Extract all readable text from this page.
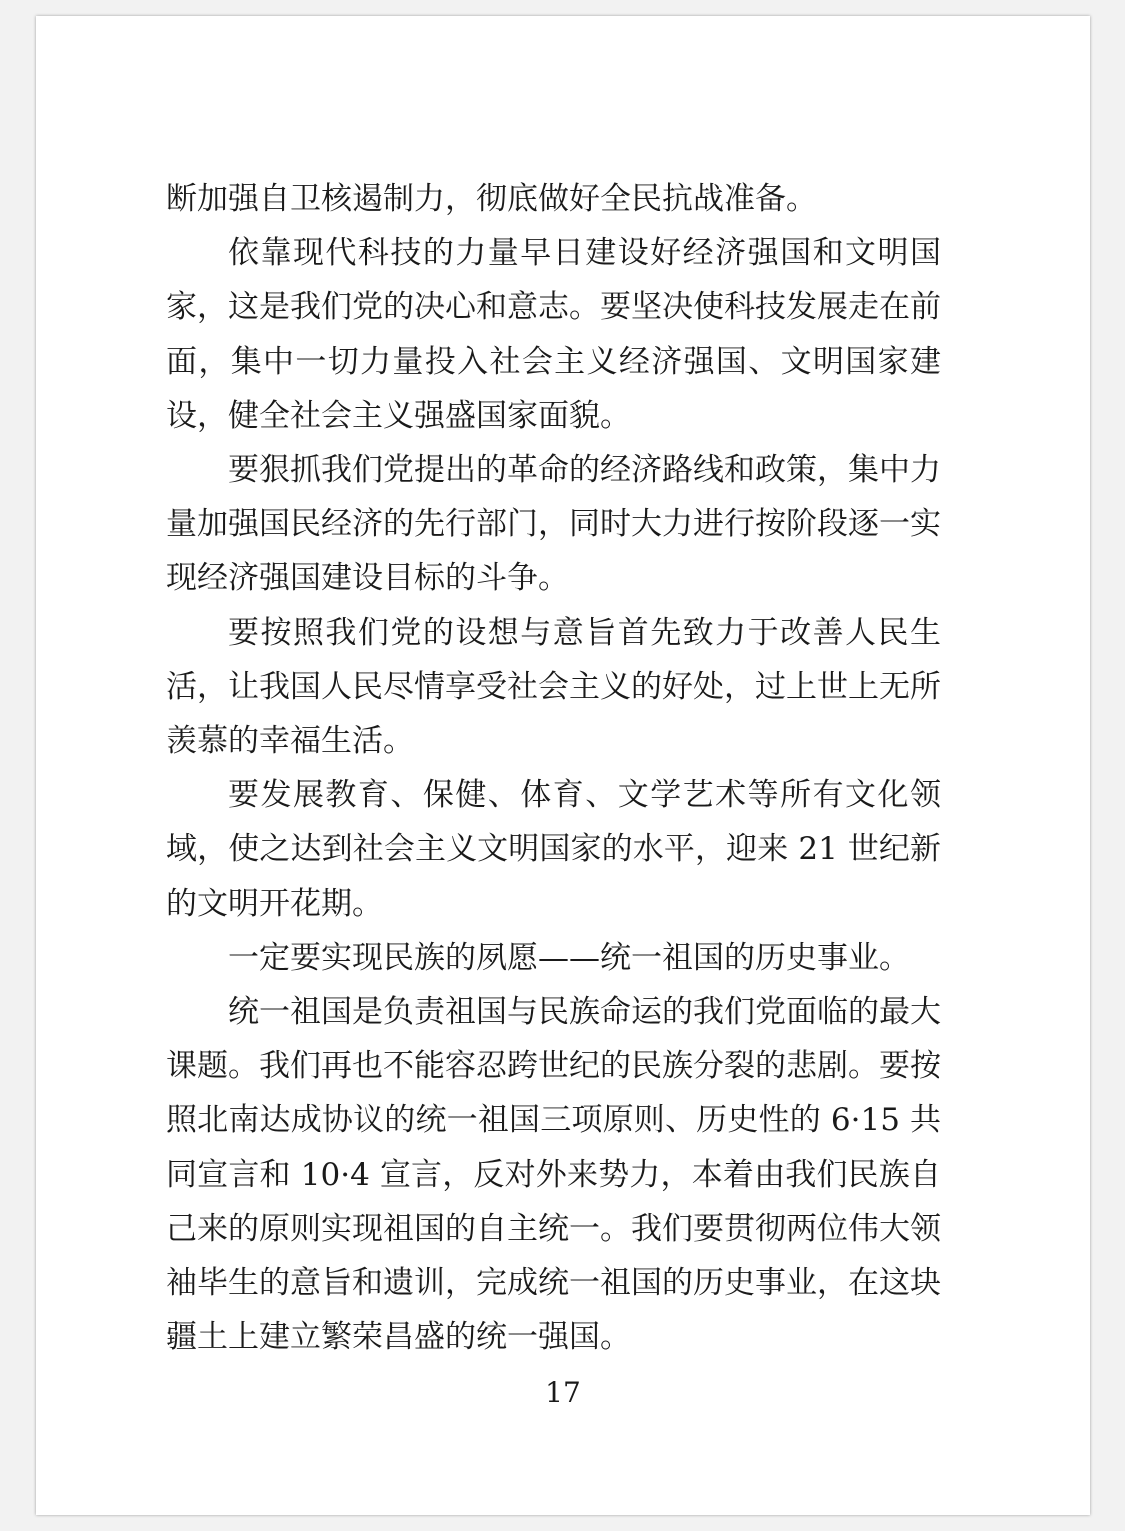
断加强自卫核遏制力，彻底做好全民抗战准备。

依靠现代科技的力量早日建设好经济强国和文明国家，这是我们党的决心和意志。要坚决使科技发展走在前面，集中一切力量投入社会主义经济强国、文明国家建设，健全社会主义强盛国家面貌。

要狠抓我们党提出的革命的经济路线和政策，集中力量加强国民经济的先行部门，同时大力进行按阶段逐一实现经济强国建设目标的斗争。

要按照我们党的设想与意旨首先致力于改善人民生活，让我国人民尽情享受社会主义的好处，过上世上无所羡慕的幸福生活。

要发展教育、保健、体育、文学艺术等所有文化领域，使之达到社会主义文明国家的水平，迎来 21 世纪新的文明开花期。

一定要实现民族的夙愿——统一祖国的历史事业。

统一祖国是负责祖国与民族命运的我们党面临的最大课题。我们再也不能容忍跨世纪的民族分裂的悲剧。要按照北南达成协议的统一祖国三项原则、历史性的 6·15 共同宣言和 10·4 宣言，反对外来势力，本着由我们民族自己来的原则实现祖国的自主统一。我们要贯彻两位伟大领袖毕生的意旨和遗训，完成统一祖国的历史事业，在这块疆土上建立繁荣昌盛的统一强国。

17
